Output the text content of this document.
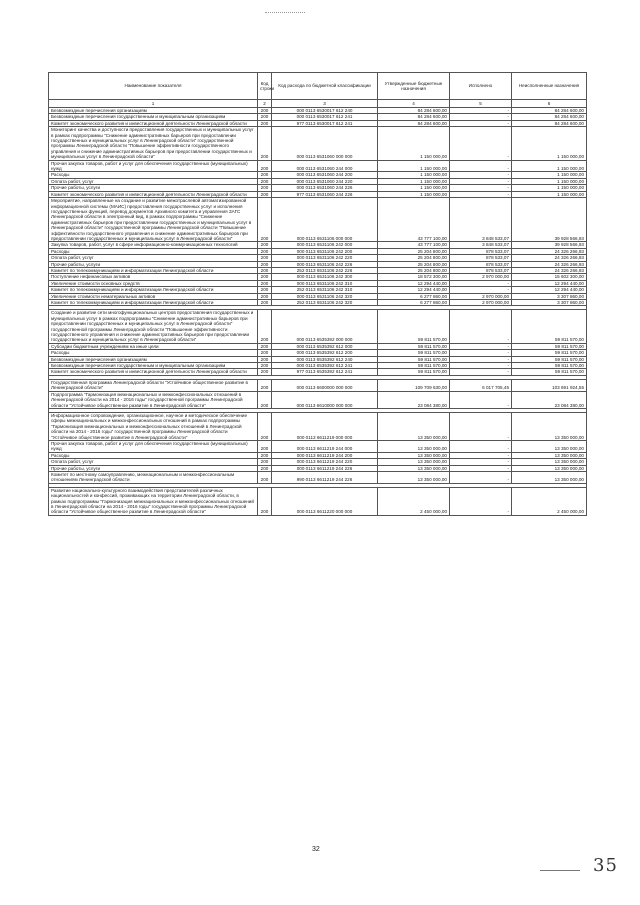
Наименование показателя	Код строки	Код расхода по бюджетной классификации	Утвержденные бюджетные назначения	Исполнено	Неисполненные назначения
1	2	3	4	5	6
Безвозмездные перечисления организациям	200	000 0113 6530017 612 240	84 284 600,00	-	84 284 600,00
Безвозмездные перечисления государственным и муниципальным организациям	200	000 0113 6530017 612 241	84 284 600,00	-	84 284 600,00
Комитет экономического развития и инвестиционной деятельности Ленинградской области	200	977 0113 6530017 612 241	84 284 600,00	-	84 284 600,00
Мониторинг качества и доступности предоставления государственных и муниципальных услуг в рамках подпрограммы "Снижение административных барьеров при предоставлении государственных и муниципальных услуг в Ленинградской области" государственной программы Ленинградской области "Повышение эффективности государственного управления и снижение административных барьеров при предоставлении государственных и муниципальных услуг в Ленинградской области"	200	000 0113 6531060 000 000	1 150 000,00	-	1 150 000,00
Прочая закупка товаров, работ и услуг для обеспечения государственных (муниципальных) нужд	200	000 0113 6531060 244 000	1 150 000,00	-	1 150 000,00
Расходы	200	000 0113 6531060 244 200	1 150 000,00	-	1 150 000,00
Оплата работ, услуг	200	000 0113 6531060 244 220	1 150 000,00	-	1 150 000,00
Прочие работы, услуги	200	000 0113 6531060 244 226	1 150 000,00	-	1 150 000,00
Комитет экономического развития и инвестиционной деятельности Ленинградской области	200	977 0113 6531060 244 226	1 150 000,00	-	1 150 000,00
Мероприятие, направленные на создание и развитие межотраслевой автоматизированной информационной системы (МАИС) предоставления государственных услуг и исполнения государственных функций, перевод документов Архивного комитета и управления ЗАГС Ленинградской области в электронный вид, в рамках подпрограммы "Снижение административных барьеров при предоставлении государственных и муниципальных услуг в Ленинградской области" государственной программы Ленинградской области "Повышение эффективности государственного управления и снижение административных барьеров при предоставлении государственных и муниципальных услуг в Ленинградской области"	200	000 0113 6531106 000 000	43 777 100,00	3 848 533,07	39 928 566,93
Закупка товаров, работ, услуг в сфере информационно-коммуникационных технологий	200	000 0113 6531106 242 000	43 777 100,00	3 848 533,07	39 928 566,93
Расходы	200	000 0113 6531106 242 200	25 204 800,00	878 533,07	24 326 266,93
Оплата работ, услуг	200	000 0113 6531106 242 220	25 204 800,00	878 533,07	24 326 266,93
Прочие работы, услуги	200	000 0113 6531106 242 226	25 204 800,00	878 533,07	24 326 266,93
Комитет по телекоммуникациям и информатизации Ленинградской области	200	252 0113 6531106 242 226	25 204 800,00	878 533,07	24 326 266,93
Поступление нефинансовых активов	200	000 0113 6531106 242 300	18 572 300,00	2 970 000,00	15 602 300,00
Увеличение стоимости основных средств	200	000 0113 6531106 242 310	12 294 440,00	-	12 294 440,00
Комитет по телекоммуникациям и информатизации Ленинградской области	200	252 0113 6531106 242 310	12 294 440,00	-	12 294 440,00
Увеличение стоимости нематериальных активов	200	000 0113 6531106 242 320	6 277 860,00	2 970 000,00	3 307 860,00
Комитет по телекоммуникациям и информатизации Ленинградской области	200	252 0113 6531106 242 320	6 277 860,00	2 970 000,00	3 307 860,00

Создание и развитие сети многофункциональных центров предоставления государственных и муниципальных услуг в рамках подпрограммы "Снижение административных барьеров при предоставлении государственных и муниципальных услуг в Ленинградской области" государственной программы Ленинградской области "Повышение эффективности государственного управления и снижение административных барьеров при предоставлении государственных и муниципальных услуг в Ленинградской области"	200	000 0113 6535392 000 000	59 811 570,00	-	59 811 570,00
Субсидии бюджетным учреждениям на иные цели	200	000 0113 6535392 612 000	59 811 570,00	-	59 811 570,00
Расходы	200	000 0113 6535392 612 200	59 811 570,00	-	59 811 570,00
Безвозмездные перечисления организациям	200	000 0113 6535392 612 240	59 811 570,00	-	59 811 570,00
Безвозмездные перечисления государственным и муниципальным организациям	200	000 0113 6535392 612 241	59 811 570,00	-	59 811 570,00
Комитет экономического развития и инвестиционной деятельности Ленинградской области	200	977 0113 6535392 612 241	59 811 570,00	-	59 811 570,00

Государственная программа Ленинградской области "Устойчивое общественное развитие в Ленинградской области"	200	000 0113 6600000 000 000	109 709 630,00	6 017 705,45	103 691 924,55
Подпрограмма "Гармонизация межнациональных и межконфессиональных отношений в Ленинградской области на 2014 - 2016 годы" государственной программы Ленинградской области "Устойчивое общественное развитие в Ленинградской области"	200	000 0113 6610000 000 000	23 084 380,00	-	23 084 380,00

Информационное сопровождение, организационное, научное и методическое обеспечение сферы межнациональных и межконфессиональных отношений в рамках подпрограммы "Гармонизация межнациональных и межконфессиональных отношений в Ленинградской области на 2014 - 2016 годы" государственной программы Ленинградской области "Устойчивое общественное развитие в Ленинградской области"	200	000 0113 6611219 000 000	13 350 000,00	-	13 350 000,00
Прочая закупка товаров, работ и услуг для обеспечения государственных (муниципальных) нужд	200	000 0113 6611219 244 000	13 350 000,00	-	13 350 000,00
Расходы	200	000 0113 6611219 244 200	13 350 000,00	-	13 350 000,00
Оплата работ, услуг	200	000 0113 6611219 244 220	13 350 000,00	-	13 350 000,00
Прочие работы, услуги	200	000 0113 6611219 244 226	13 350 000,00	-	13 350 000,00
Комитет по местному самоуправлению, межнациональным и межконфессиональным отношениям Ленинградской области	200	990 0113 6611219 244 226	13 350 000,00	-	13 350 000,00

Развитие национально-культурного взаимодействия представителей различных национальностей и конфессий, проживающих на территории Ленинградской области, в рамках подпрограммы "Гармонизация межнациональных и межконфессиональных отношений в Ленинградской области на 2014 - 2016 годы" государственной программы Ленинградской области "Устойчивое общественное развитие в Ленинградской области"	200	000 0113 6611220 000 000	2 450 000,00	-	2 450 000,00
32
35
